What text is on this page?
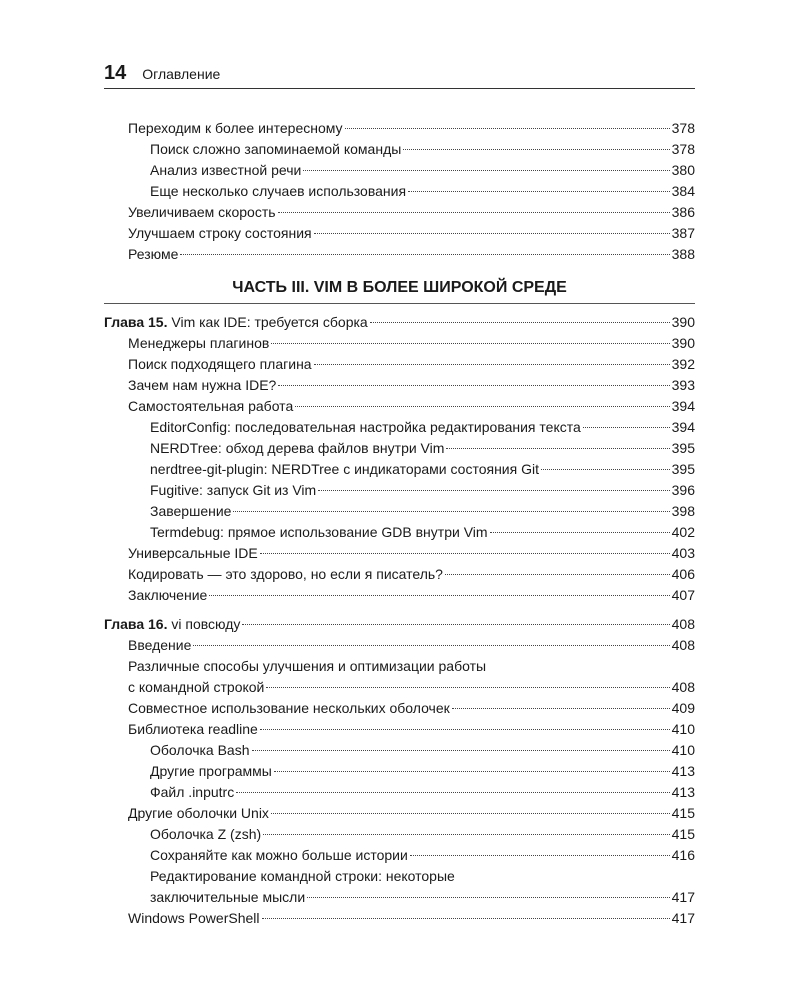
14 Оглавление
Переходим к более интересному	378
Поиск сложно запоминаемой команды	378
Анализ известной речи	380
Еще несколько случаев использования	384
Увеличиваем скорость	386
Улучшаем строку состояния	387
Резюме	388
ЧАСТЬ III. VIM В БОЛЕЕ ШИРОКОЙ СРЕДЕ
Глава 15. Vim как IDE: требуется сборка	390
Менеджеры плагинов	390
Поиск подходящего плагина	392
Зачем нам нужна IDE?	393
Самостоятельная работа	394
EditorConfig: последовательная настройка редактирования текста	394
NERDTree: обход дерева файлов внутри Vim	395
nerdtree-git-plugin: NERDTree с индикаторами состояния Git	395
Fugitive: запуск Git из Vim	396
Завершение	398
Termdebug: прямое использование GDB внутри Vim	402
Универсальные IDE	403
Кодировать — это здорово, но если я писатель?	406
Заключение	407
Глава 16. vi повсюду	408
Введение	408
Различные способы улучшения и оптимизации работы
с командной строкой	408
Совместное использование нескольких оболочек	409
Библиотека readline	410
Оболочка Bash	410
Другие программы	413
Файл .inputrc	413
Другие оболочки Unix	415
Оболочка Z (zsh)	415
Сохраняйте как можно больше истории	416
Редактирование командной строки: некоторые
заключительные мысли	417
Windows PowerShell	417
